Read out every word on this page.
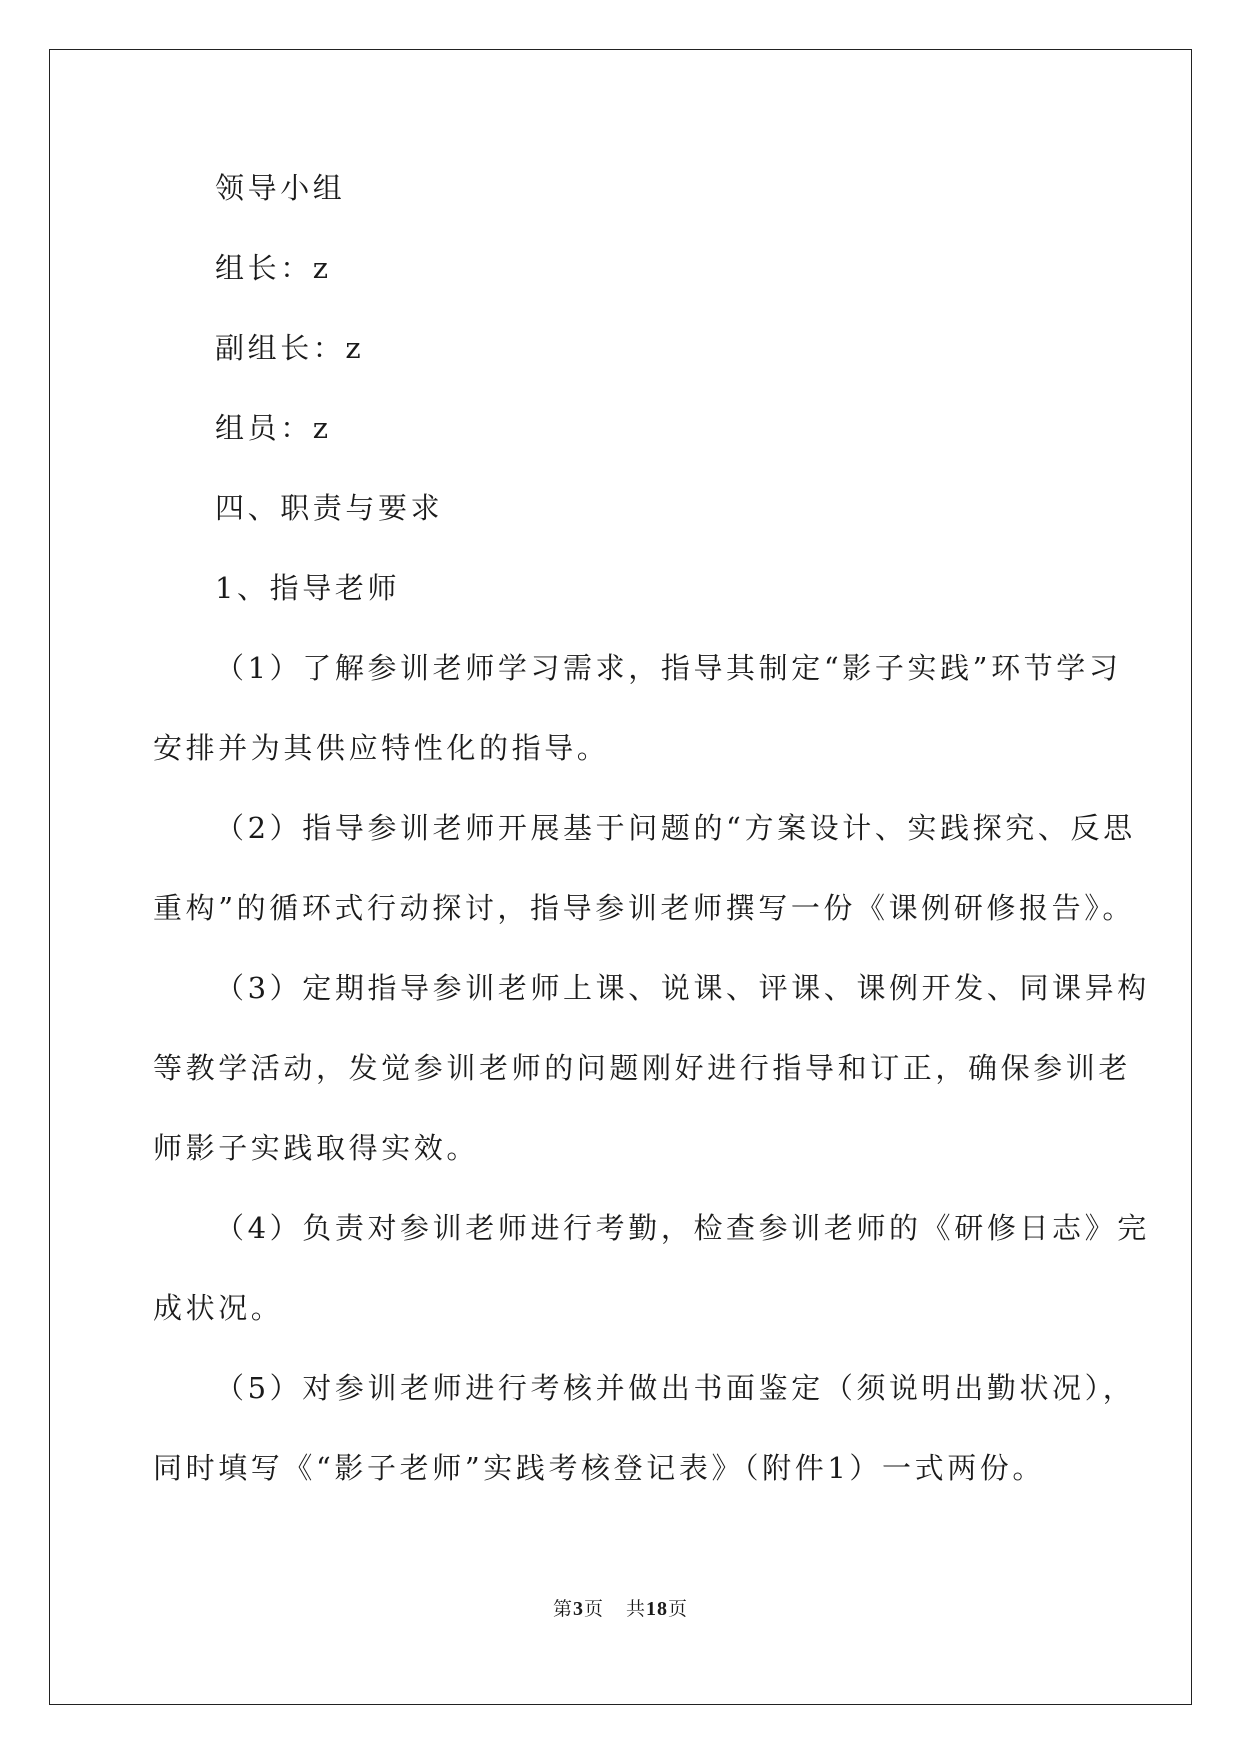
领导小组
组长：z
副组长：z
组员：z
四、职责与要求
1、指导老师
（1）了解参训老师学习需求，指导其制定“影子实践”环节学习
安排并为其供应特性化的指导。
（2）指导参训老师开展基于问题的“方案设计、实践探究、反思
重构”的循环式行动探讨，指导参训老师撰写一份《课例研修报告》。
（3）定期指导参训老师上课、说课、评课、课例开发、同课异构
等教学活动，发觉参训老师的问题刚好进行指导和订正，确保参训老
师影子实践取得实效。
（4）负责对参训老师进行考勤，检查参训老师的《研修日志》完
成状况。
（5）对参训老师进行考核并做出书面鉴定（须说明出勤状况），
同时填写《“影子老师”实践考核登记表》（附件1）一式两份。
第3页 共18页
